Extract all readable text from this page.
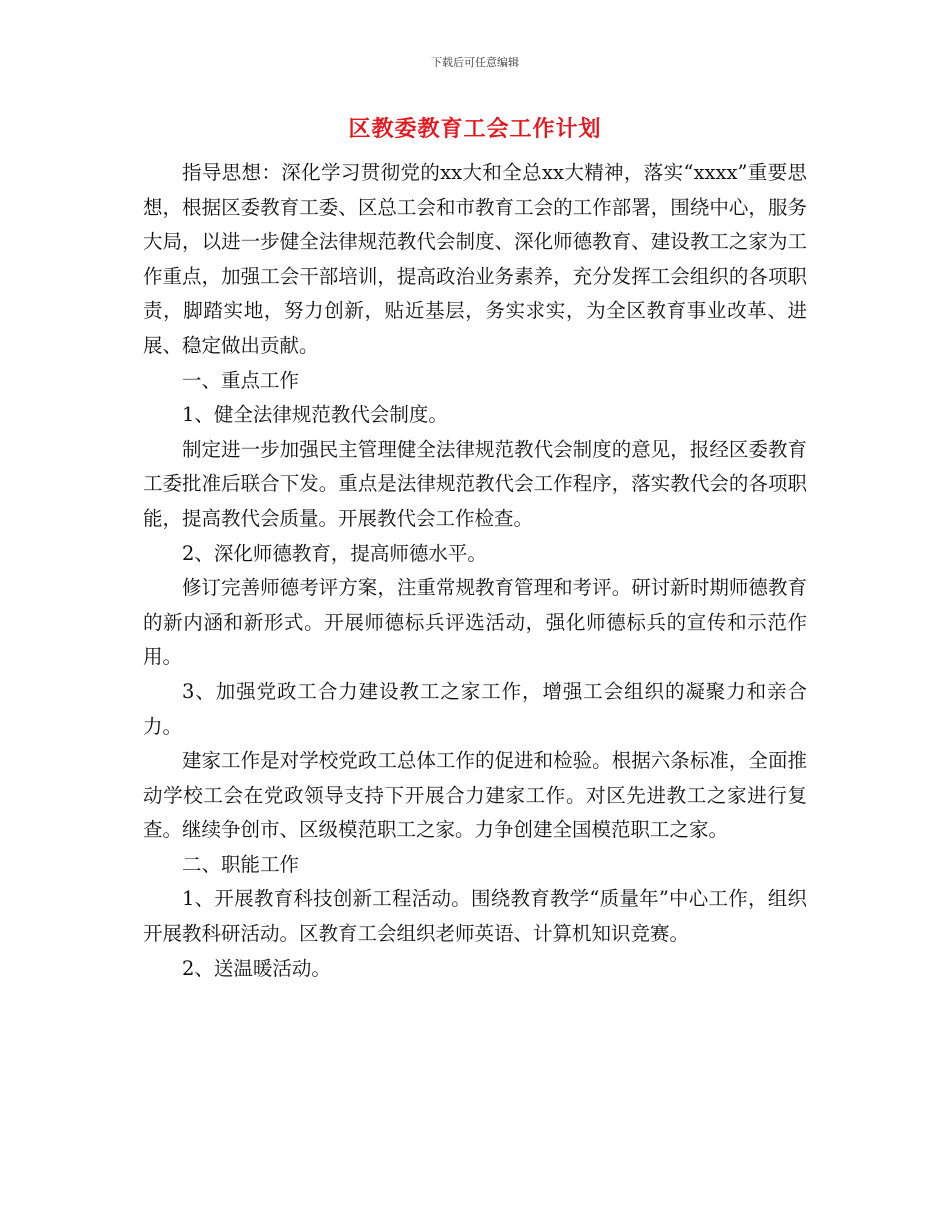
下载后可任意编辑
区教委教育工会工作计划

指导思想：深化学习贯彻党的xx大和全总xx大精神，落实“xxxx”重要思想，根据区委教育工委、区总工会和市教育工会的工作部署，围绕中心，服务大局，以进一步健全法律规范教代会制度、深化师德教育、建设教工之家为工作重点，加强工会干部培训，提高政治业务素养，充分发挥工会组织的各项职责，脚踏实地，努力创新，贴近基层，务实求实，为全区教育事业改革、进展、稳定做出贡献。

一、重点工作

1、健全法律规范教代会制度。

制定进一步加强民主管理健全法律规范教代会制度的意见，报经区委教育工委批准后联合下发。重点是法律规范教代会工作程序，落实教代会的各项职能，提高教代会质量。开展教代会工作检查。

2、深化师德教育，提高师德水平。

修订完善师德考评方案，注重常规教育管理和考评。研讨新时期师德教育的新内涵和新形式。开展师德标兵评选活动，强化师德标兵的宣传和示范作用。

3、加强党政工合力建设教工之家工作，增强工会组织的凝聚力和亲合力。

建家工作是对学校党政工总体工作的促进和检验。根据六条标准，全面推动学校工会在党政领导支持下开展合力建家工作。对区先进教工之家进行复查。继续争创市、区级模范职工之家。力争创建全国模范职工之家。

二、职能工作

1、开展教育科技创新工程活动。围绕教育教学“质量年”中心工作，组织开展教科研活动。区教育工会组织老师英语、计算机知识竞赛。

2、送温暖活动。
